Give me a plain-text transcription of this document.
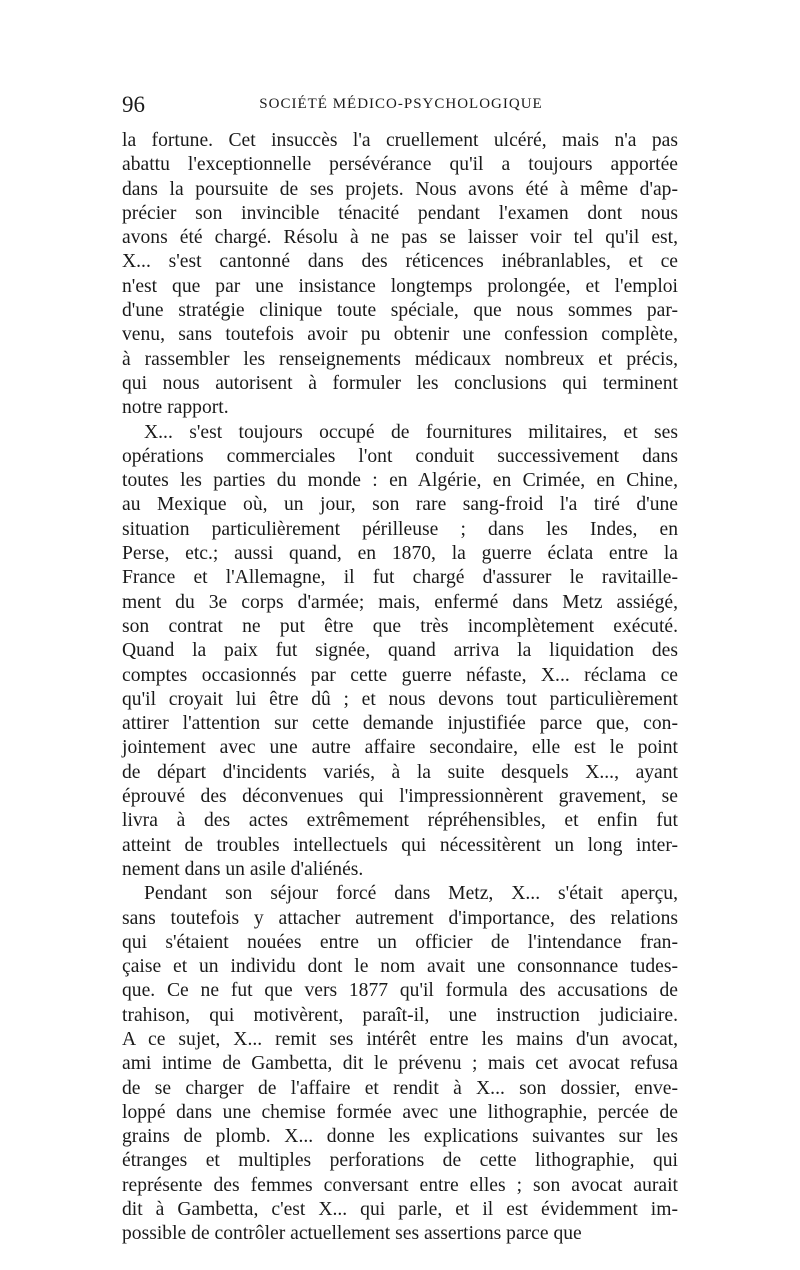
96	SOCIÉTÉ MÉDICO-PSYCHOLOGIQUE
la fortune. Cet insuccès l'a cruellement ulcéré, mais n'a pas
abattu l'exceptionnelle persévérance qu'il a toujours apportée
dans la poursuite de ses projets. Nous avons été à même d'ap-
précier son invincible ténacité pendant l'examen dont nous
avons été chargé. Résolu à ne pas se laisser voir tel qu'il est,
X... s'est cantonné dans des réticences inébranlables, et ce
n'est que par une insistance longtemps prolongée, et l'emploi
d'une stratégie clinique toute spéciale, que nous sommes par-
venu, sans toutefois avoir pu obtenir une confession complète,
à rassembler les renseignements médicaux nombreux et précis,
qui nous autorisent à formuler les conclusions qui terminent
notre rapport.
X... s'est toujours occupé de fournitures militaires, et ses
opérations commerciales l'ont conduit successivement dans
toutes les parties du monde : en Algérie, en Crimée, en Chine,
au Mexique où, un jour, son rare sang-froid l'a tiré d'une
situation particulièrement périlleuse ; dans les Indes, en
Perse, etc.; aussi quand, en 1870, la guerre éclata entre la
France et l'Allemagne, il fut chargé d'assurer le ravitaille-
ment du 3e corps d'armée; mais, enfermé dans Metz assiégé,
son contrat ne put être que très incomplètement exécuté.
Quand la paix fut signée, quand arriva la liquidation des
comptes occasionnés par cette guerre néfaste, X... réclama ce
qu'il croyait lui être dû ; et nous devons tout particulièrement
attirer l'attention sur cette demande injustifiée parce que, con-
jointement avec une autre affaire secondaire, elle est le point
de départ d'incidents variés, à la suite desquels X..., ayant
éprouvé des déconvenues qui l'impressionnèrent gravement, se
livra à des actes extrêmement répréhensibles, et enfin fut
atteint de troubles intellectuels qui nécessitèrent un long inter-
nement dans un asile d'aliénés.
Pendant son séjour forcé dans Metz, X... s'était aperçu,
sans toutefois y attacher autrement d'importance, des relations
qui s'étaient nouées entre un officier de l'intendance fran-
çaise et un individu dont le nom avait une consonnance tudes-
que. Ce ne fut que vers 1877 qu'il formula des accusations de
trahison, qui motivèrent, paraît-il, une instruction judiciaire.
A ce sujet, X... remit ses intérêt entre les mains d'un avocat,
ami intime de Gambetta, dit le prévenu ; mais cet avocat refusa
de se charger de l'affaire et rendit à X... son dossier, enve-
loppé dans une chemise formée avec une lithographie, percée de
grains de plomb. X... donne les explications suivantes sur les
étranges et multiples perforations de cette lithographie, qui
représente des femmes conversant entre elles ; son avocat aurait
dit à Gambetta, c'est X... qui parle, et il est évidemment im-
possible de contrôler actuellement ses assertions parce que
